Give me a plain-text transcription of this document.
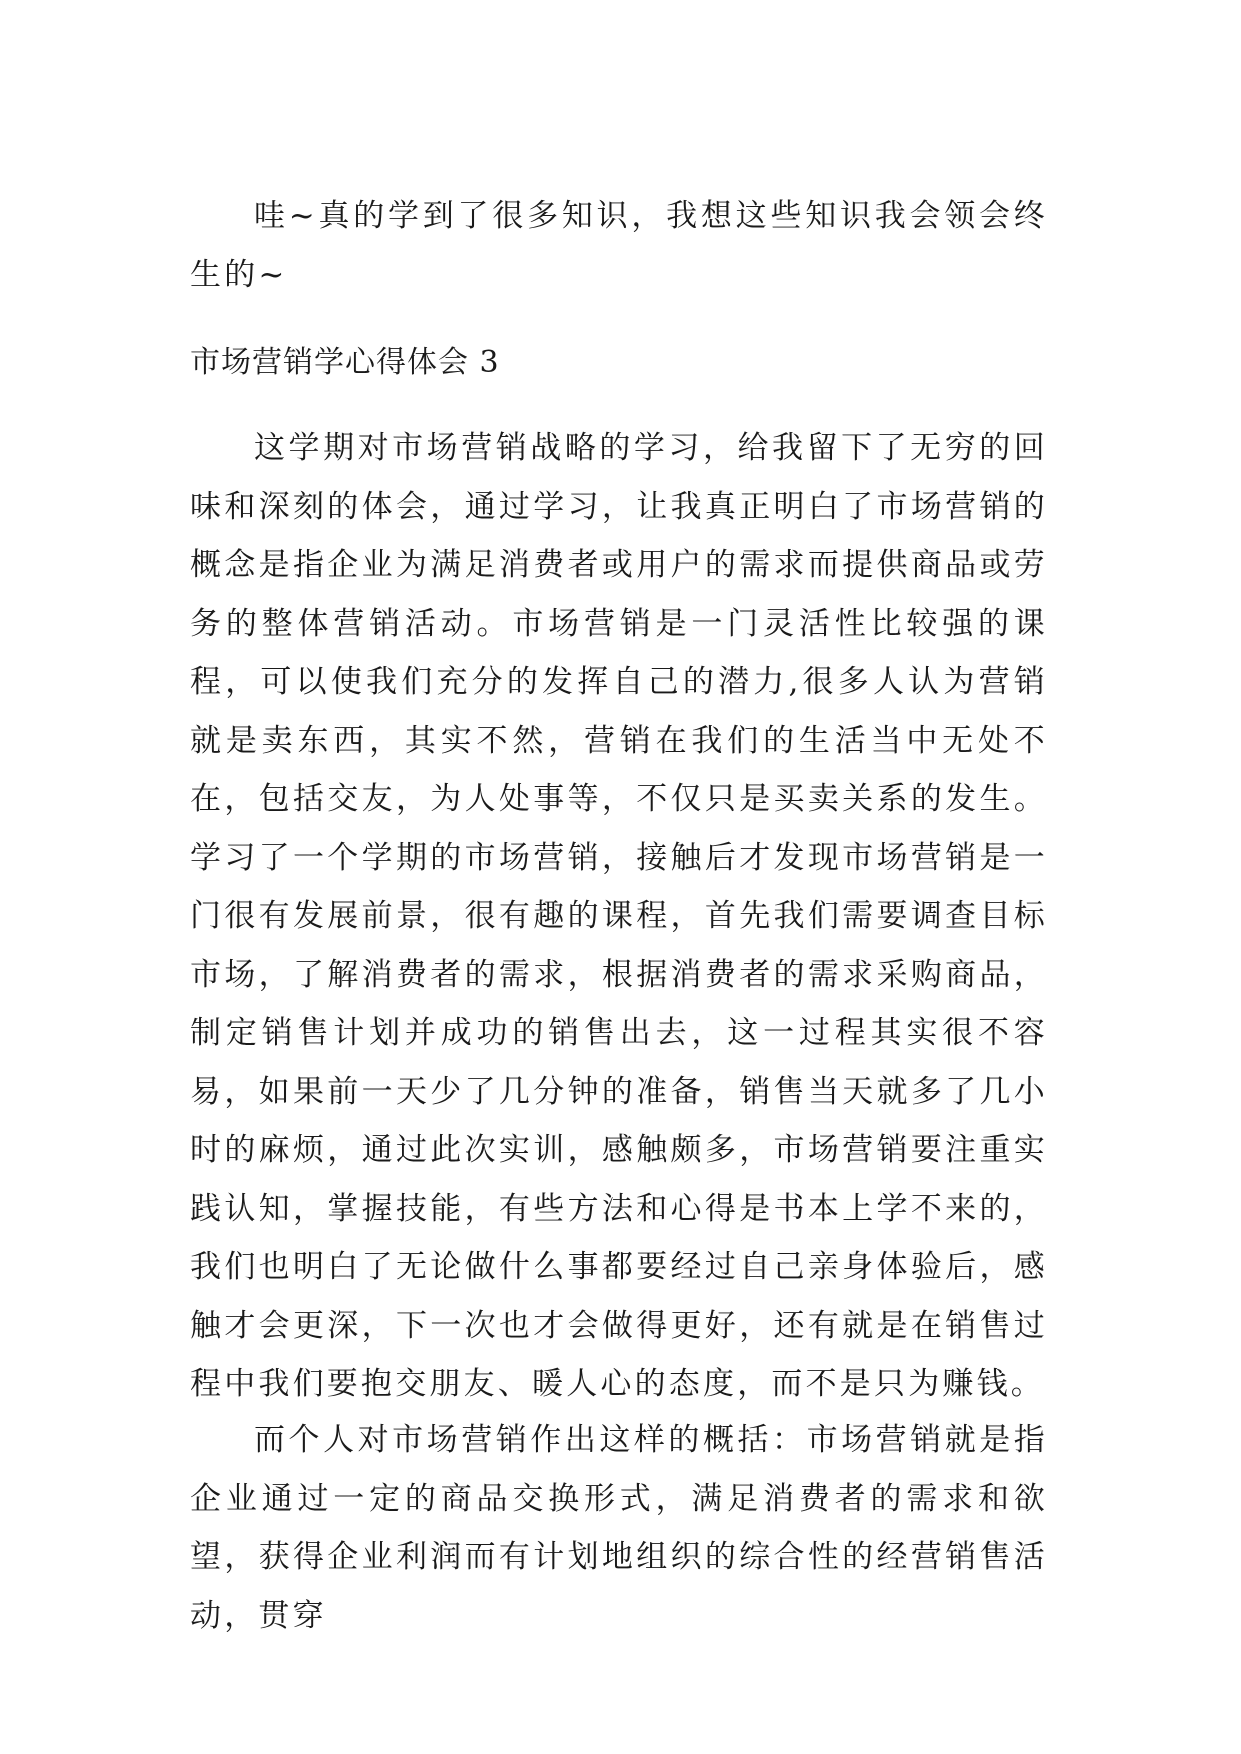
哇~真的学到了很多知识，我想这些知识我会领会终生的~

市场营销学心得体会 3

这学期对市场营销战略的学习，给我留下了无穷的回味和深刻的体会，通过学习，让我真正明白了市场营销的概念是指企业为满足消费者或用户的需求而提供商品或劳务的整体营销活动。市场营销是一门灵活性比较强的课程，可以使我们充分的发挥自己的潜力,很多人认为营销就是卖东西，其实不然，营销在我们的生活当中无处不在，包括交友，为人处事等，不仅只是买卖关系的发生。学习了一个学期的市场营销，接触后才发现市场营销是一门很有发展前景，很有趣的课程，首先我们需要调查目标市场，了解消费者的需求，根据消费者的需求采购商品，制定销售计划并成功的销售出去，这一过程其实很不容易，如果前一天少了几分钟的准备，销售当天就多了几小时的麻烦，通过此次实训，感触颇多，市场营销要注重实践认知，掌握技能，有些方法和心得是书本上学不来的，我们也明白了无论做什么事都要经过自己亲身体验后，感触才会更深，下一次也才会做得更好，还有就是在销售过程中我们要抱交朋友、暖人心的态度，而不是只为赚钱。

而个人对市场营销作出这样的概括：市场营销就是指企业通过一定的商品交换形式，满足消费者的需求和欲望，获得企业利润而有计划地组织的综合性的经营销售活动，贯穿
